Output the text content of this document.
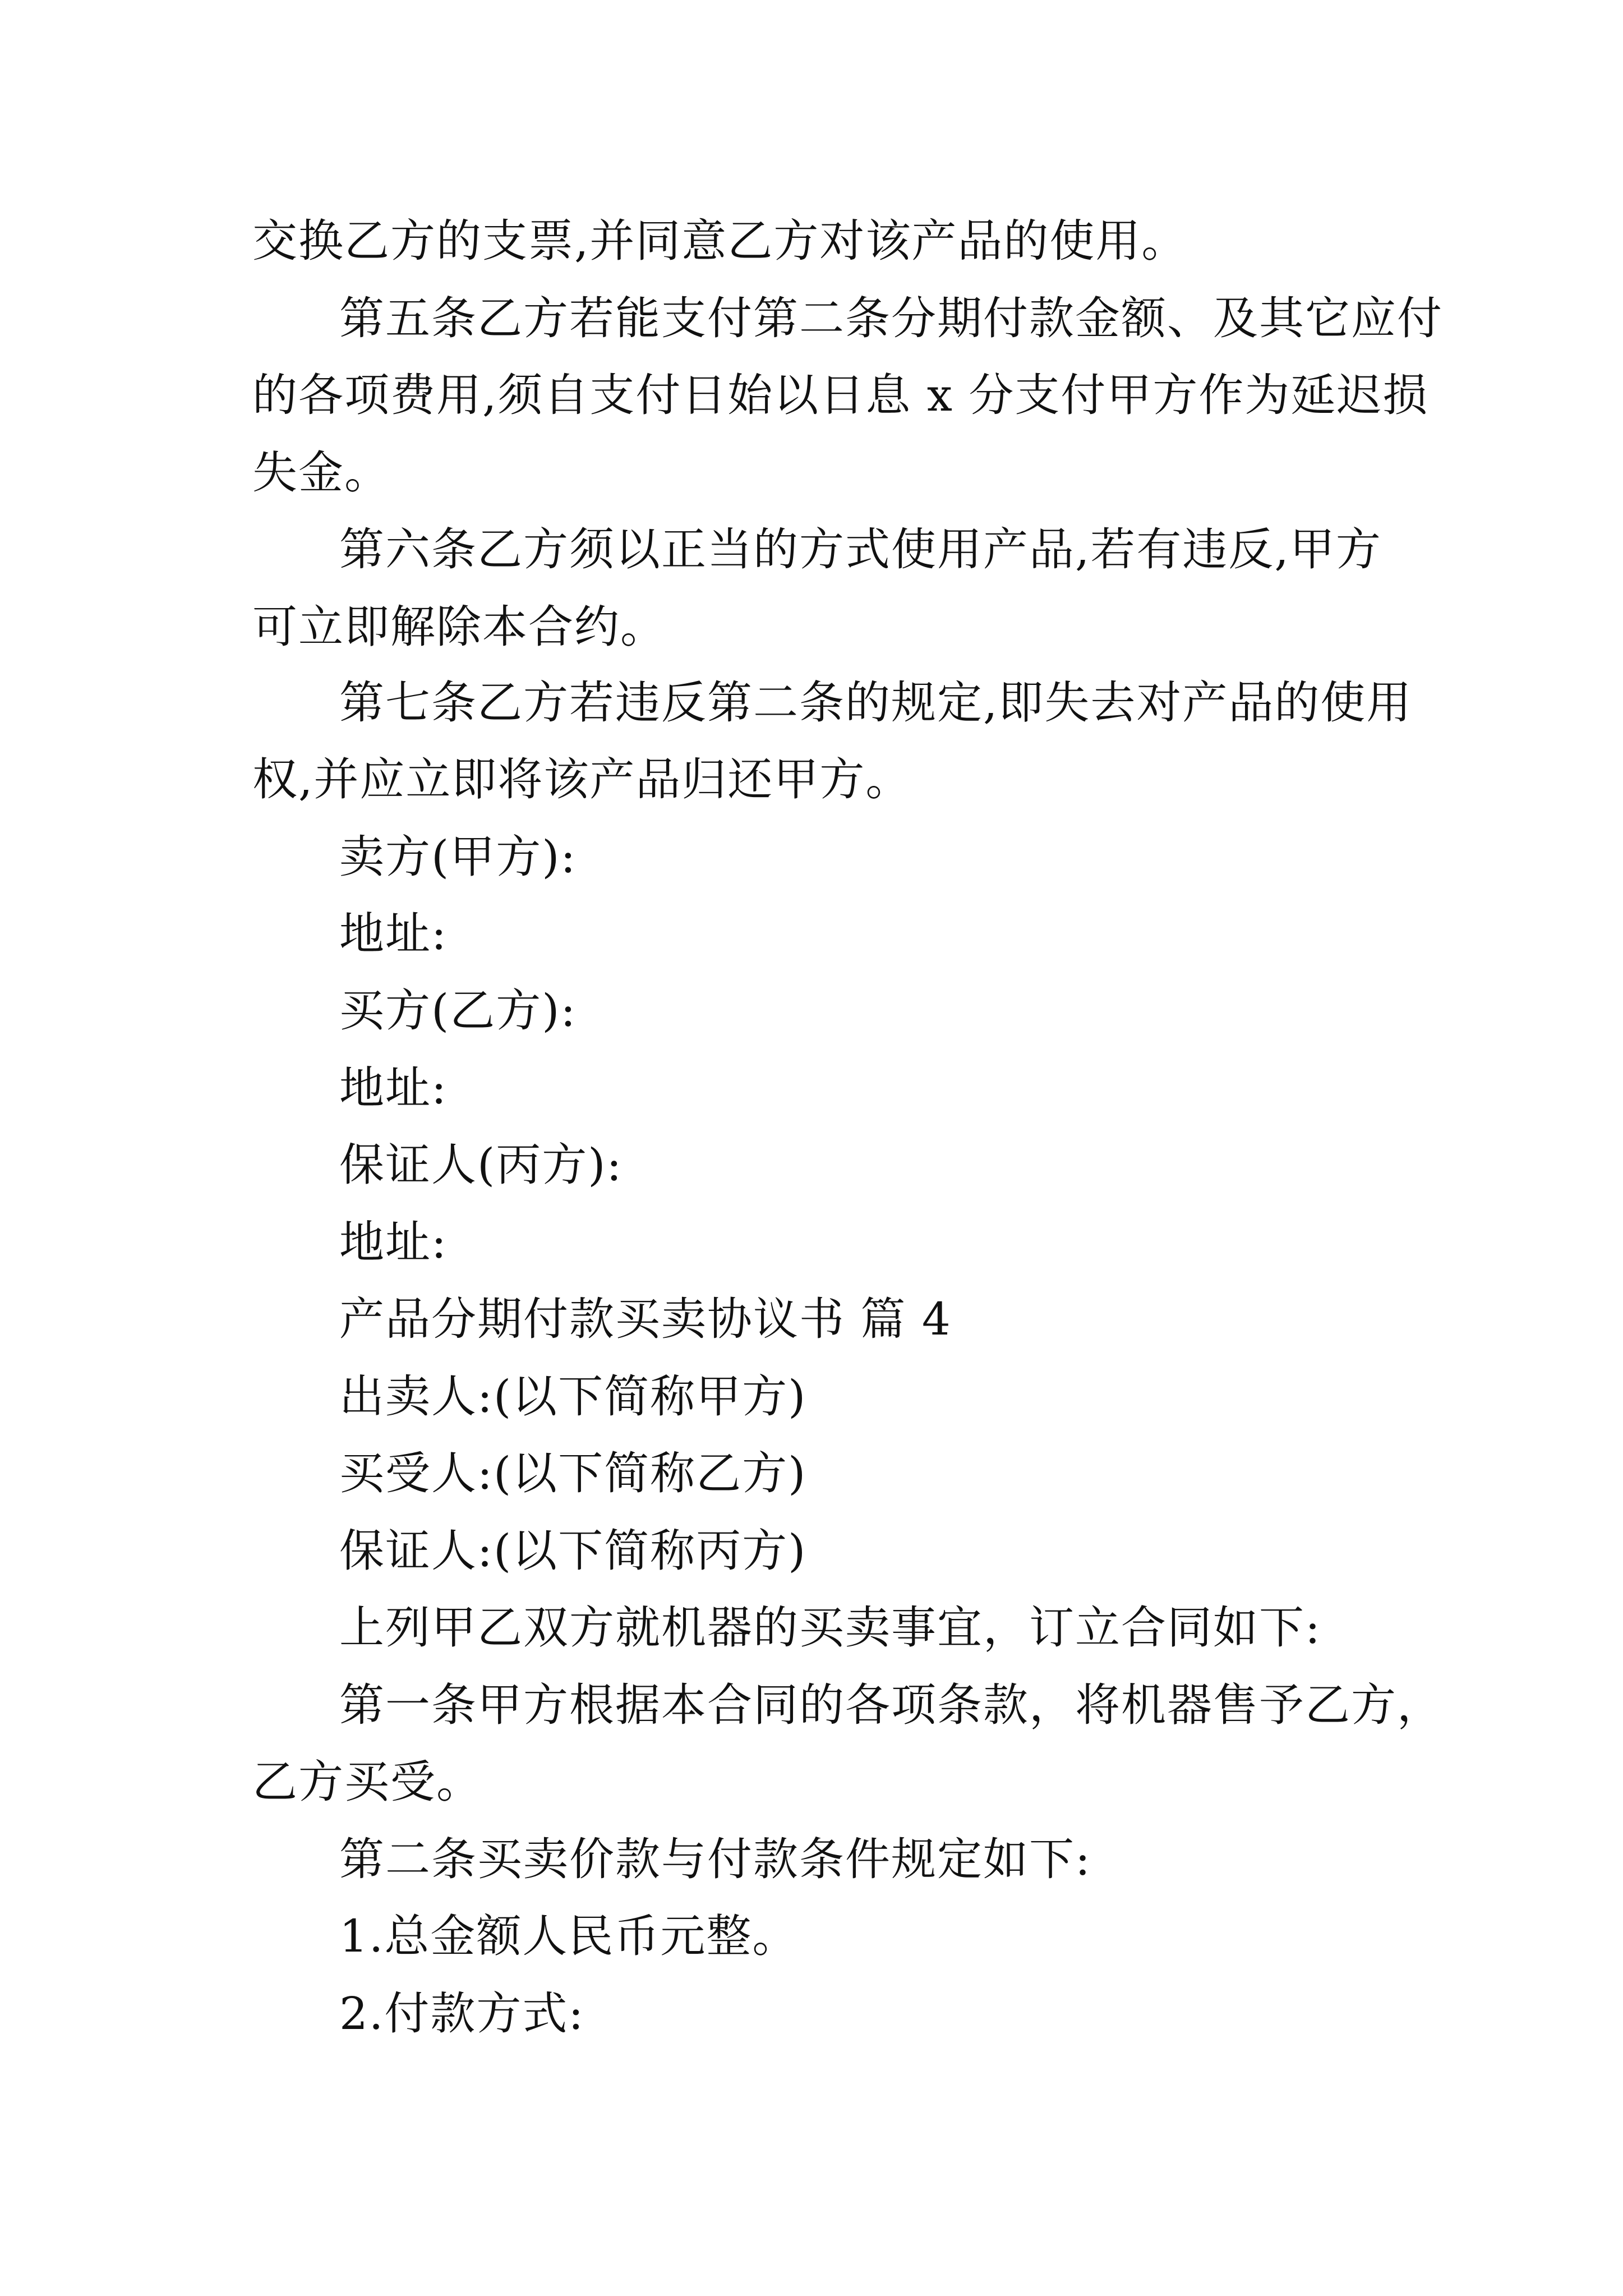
交换乙方的支票,并同意乙方对该产品的使用。
第五条乙方若能支付第二条分期付款金额、及其它应付
的各项费用,须自支付日始以日息 x 分支付甲方作为延迟损
失金。
第六条乙方须以正当的方式使用产品,若有违反,甲方
可立即解除本合约。
第七条乙方若违反第二条的规定,即失去对产品的使用
权,并应立即将该产品归还甲方。
卖方(甲方):
地址:
买方(乙方):
地址:
保证人(丙方):
地址:
产品分期付款买卖协议书 篇 4
出卖人:(以下简称甲方)
买受人:(以下简称乙方)
保证人:(以下简称丙方)
上列甲乙双方就机器的买卖事宜，订立合同如下:
第一条甲方根据本合同的各项条款，将机器售予乙方，
乙方买受。
第二条买卖价款与付款条件规定如下:
1.总金额人民币元整。
2.付款方式:
